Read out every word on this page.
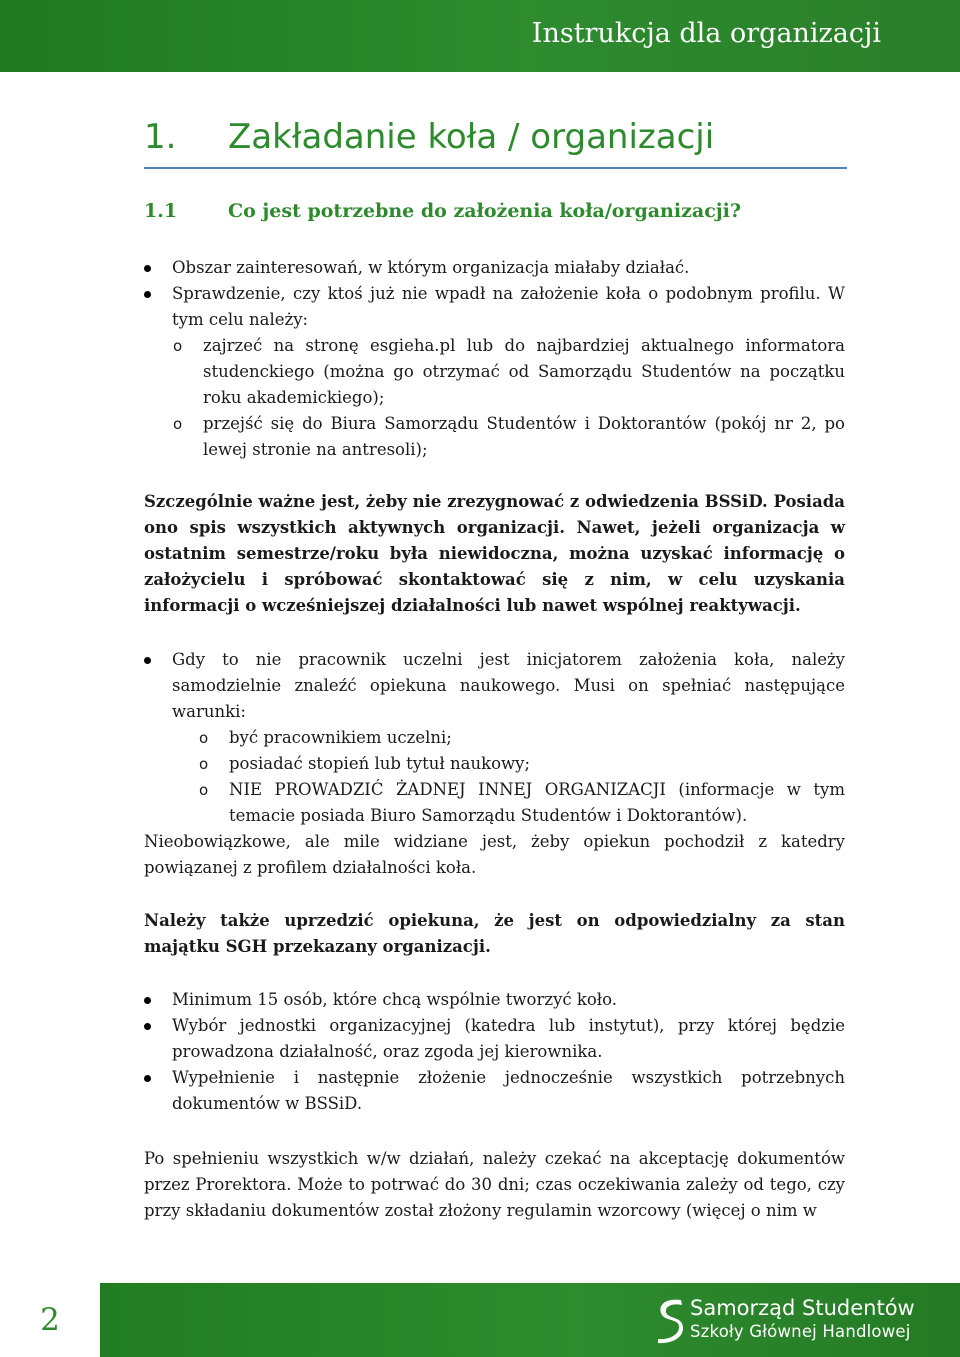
Instrukcja dla organizacji
1. Zakładanie koła / organizacji
1.1	Co jest potrzebne do założenia koła/organizacji?
Obszar zainteresowań, w którym organizacja miałaby działać.
Sprawdzenie, czy ktoś już nie wpadł na założenie koła o podobnym profilu. W tym celu należy:
o zajrzeć na stronę esgieha.pl lub do najbardziej aktualnego informatora studenckiego (można go otrzymać od Samorządu Studentów na początku roku akademickiego);
o przejść się do Biura Samorządu Studentów i Doktorantów (pokój nr 2, po lewej stronie na antresoli);
Szczególnie ważne jest, żeby nie zrezygnować z odwiedzenia BSSiD. Posiada ono spis wszystkich aktywnych organizacji. Nawet, jeżeli organizacja w ostatnim semestrze/roku była niewidoczna, można uzyskać informację o założycielu i spróbować skontaktować się z nim, w celu uzyskania informacji o wcześniejszej działalności lub nawet wspólnej reaktywacji.
Gdy to nie pracownik uczelni jest inicjatorem założenia koła, należy samodzielnie znaleźć opiekuna naukowego. Musi on spełniać następujące warunki:
o być pracownikiem uczelni;
o posiadać stopień lub tytuł naukowy;
o NIE PROWADZIĆ ŻADNEJ INNEJ ORGANIZACJI (informacje w tym temacie posiada Biuro Samorządu Studentów i Doktorantów).
Nieobowiązkowe, ale mile widziane jest, żeby opiekun pochodził z katedry powiązanej z profilem działalności koła.
Należy także uprzedzić opiekuna, że jest on odpowiedzialny za stan majątku SGH przekazany organizacji.
Minimum 15 osób, które chcą wspólnie tworzyć koło.
Wybór jednostki organizacyjnej (katedra lub instytut), przy której będzie prowadzona działalność, oraz zgoda jej kierownika.
Wypełnienie i następnie złożenie jednocześnie wszystkich potrzebnych dokumentów w BSSiD.
Po spełnieniu wszystkich w/w działań, należy czekać na akceptację dokumentów przez Prorektora. Może to potrwać do 30 dni; czas oczekiwania zależy od tego, czy przy składaniu dokumentów został złożony regulamin wzorcowy (więcej o nim w
2	Samorząd Studentów
Szkoły Głównej Handlowej
